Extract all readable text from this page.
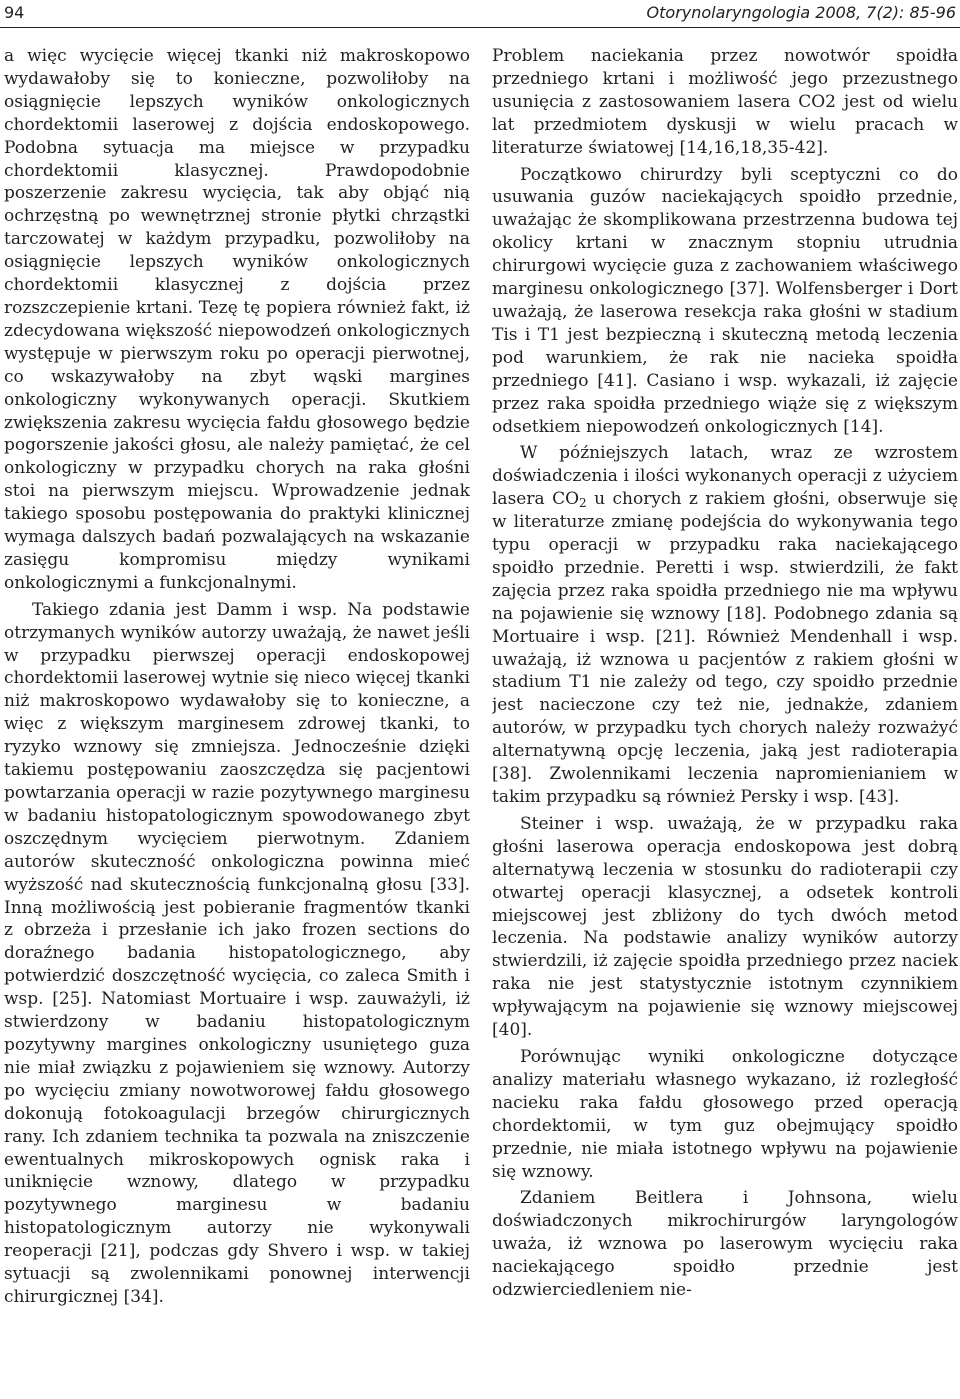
94	Otorynolaryngologia 2008, 7(2): 85-96

a więc wycięcie więcej tkanki niż makroskopowo wydawałoby się to konieczne, pozwoliłoby na osiągnięcie lepszych wyników onkologicznych chordektomii laserowej z dojścia endoskopowego. Podobna sytuacja ma miejsce w przypadku chordektomii klasycznej. Prawdopodobnie poszerzenie zakresu wycięcia, tak aby objąć nią ochrzęstną po wewnętrznej stronie płytki chrząstki tarczowatej w każdym przypadku, pozwoliłoby na osiągnięcie lepszych wyników onkologicznych chordektomii klasycznej z dojścia przez rozszczepienie krtani. Tezę tę popiera również fakt, iż zdecydowana większość niepowodzeń onkologicznych występuje w pierwszym roku po operacji pierwotnej, co wskazywałoby na zbyt wąski margines onkologiczny wykonywanych operacji. Skutkiem zwiększenia zakresu wycięcia fałdu głosowego będzie pogorszenie jakości głosu, ale należy pamiętać, że cel onkologiczny w przypadku chorych na raka głośni stoi na pierwszym miejscu. Wprowadzenie jednak takiego sposobu postępowania do praktyki klinicznej wymaga dalszych badań pozwalających na wskazanie zasięgu kompromisu między wynikami onkologicznymi a funkcjonalnymi.

Takiego zdania jest Damm i wsp. Na podstawie otrzymanych wyników autorzy uważają, że nawet jeśli w przypadku pierwszej operacji endoskopowej chordektomii laserowej wytnie się nieco więcej tkanki niż makroskopowo wydawałoby się to konieczne, a więc z większym marginesem zdrowej tkanki, to ryzyko wznowy się zmniejsza. Jednocześnie dzięki takiemu postępowaniu zaoszczędza się pacjentowi powtarzania operacji w razie pozytywnego marginesu w badaniu histopatologicznym spowodowanego zbyt oszczędnym wycięciem pierwotnym. Zdaniem autorów skuteczność onkologiczna powinna mieć wyższość nad skutecznością funkcjonalną głosu [33]. Inną możliwością jest pobieranie fragmentów tkanki z obrzeża i przesłanie ich jako frozen sections do doraźnego badania histopatologicznego, aby potwierdzić doszczętność wycięcia, co zaleca Smith i wsp. [25]. Natomiast Mortuaire i wsp. zauważyli, iż stwierdzony w badaniu histopatologicznym pozytywny margines onkologiczny usuniętego guza nie miał związku z pojawieniem się wznowy. Autorzy po wycięciu zmiany nowotworowej fałdu głosowego dokonują fotokoagulacji brzegów chirurgicznych rany. Ich zdaniem technika ta pozwala na zniszczenie ewentualnych mikroskopowych ognisk raka i uniknięcie wznowy, dlatego w przypadku pozytywnego marginesu w badaniu histopatologicznym autorzy nie wykonywali reoperacji [21], podczas gdy Shvero i wsp. w takiej sytuacji są zwolennikami ponownej interwencji chirurgicznej [34].

Problem naciekania przez nowotwór spoidła przedniego krtani i możliwość jego przezustnego usunięcia z zastosowaniem lasera CO2 jest od wielu lat przedmiotem dyskusji w wielu pracach w literaturze światowej [14,16,18,35-42].

Początkowo chirurdzy byli sceptyczni co do usuwania guzów naciekających spoidło przednie, uważając że skomplikowana przestrzenna budowa tej okolicy krtani w znacznym stopniu utrudnia chirurgowi wycięcie guza z zachowaniem właściwego marginesu onkologicznego [37]. Wolfensberger i Dort uważają, że laserowa resekcja raka głośni w stadium Tis i T1 jest bezpieczną i skuteczną metodą leczenia pod warunkiem, że rak nie nacieka spoidła przedniego [41]. Casiano i wsp. wykazali, iż zajęcie przez raka spoidła przedniego wiąże się z większym odsetkiem niepowodzeń onkologicznych [14].

W późniejszych latach, wraz ze wzrostem doświadczenia i ilości wykonanych operacji z użyciem lasera $CO_2$ u chorych z rakiem głośni, obserwuje się w literaturze zmianę podejścia do wykonywania tego typu operacji w przypadku raka naciekającego spoidło przednie. Peretti i wsp. stwierdzili, że fakt zajęcia przez raka spoidła przedniego nie ma wpływu na pojawienie się wznowy [18]. Podobnego zdania są Mortuaire i wsp. [21]. Również Mendenhall i wsp. uważają, iż wznowa u pacjentów z rakiem głośni w stadium T1 nie zależy od tego, czy spoidło przednie jest nacieczone czy też nie, jednakże, zdaniem autorów, w przypadku tych chorych należy rozważyć alternatywną opcję leczenia, jaką jest radioterapia [38]. Zwolennikami leczenia napromienianiem w takim przypadku są również Persky i wsp. [43].

Steiner i wsp. uważają, że w przypadku raka głośni laserowa operacja endoskopowa jest dobrą alternatywą leczenia w stosunku do radioterapii czy otwartej operacji klasycznej, a odsetek kontroli miejscowej jest zbliżony do tych dwóch metod leczenia. Na podstawie analizy wyników autorzy stwierdzili, iż zajęcie spoidła przedniego przez naciek raka nie jest statystycznie istotnym czynnikiem wpływającym na pojawienie się wznowy miejscowej [40].

Porównując wyniki onkologiczne dotyczące analizy materiału własnego wykazano, iż rozległość nacieku raka fałdu głosowego przed operacją chordektomii, w tym guz obejmujący spoidło przednie, nie miała istotnego wpływu na pojawienie się wznowy.

Zdaniem Beitlera i Johnsona, wielu doświadczonych mikrochirurgów laryngologów uważa, iż wznowa po laserowym wycięciu raka naciekającego spoidło przednie jest odzwierciedleniem nie-
